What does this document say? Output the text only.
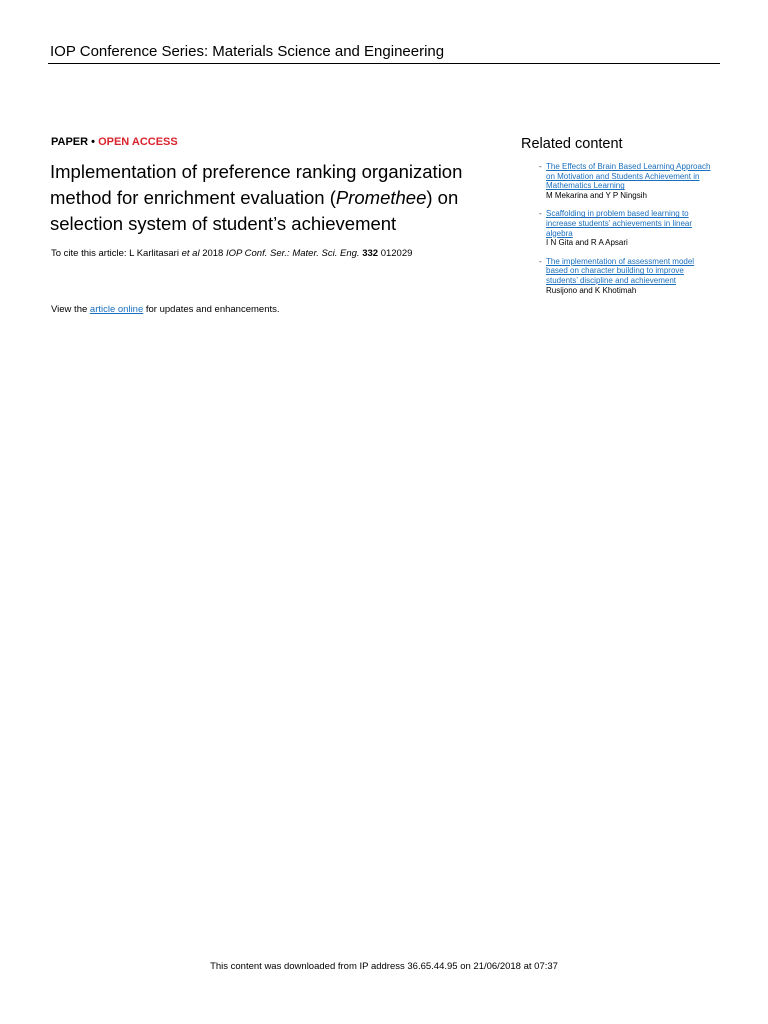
IOP Conference Series: Materials Science and Engineering
PAPER • OPEN ACCESS
Implementation of preference ranking organization method for enrichment evaluation (Promethee) on selection system of student’s achievement
To cite this article: L Karlitasari et al 2018 IOP Conf. Ser.: Mater. Sci. Eng. 332 012029
View the article online for updates and enhancements.
Related content
- The Effects of Brain Based Learning Approach on Motivation and Students Achievement in Mathematics Learning
M Mekarina and Y P Ningsih
- Scaffolding in problem based learning to increase students’ achievements in linear algebra
I N Gita and R A Apsari
- The implementation of assessment model based on character building to improve students’ discipline and achievement
Rusijono and K Khotimah
This content was downloaded from IP address 36.65.44.95 on 21/06/2018 at 07:37
